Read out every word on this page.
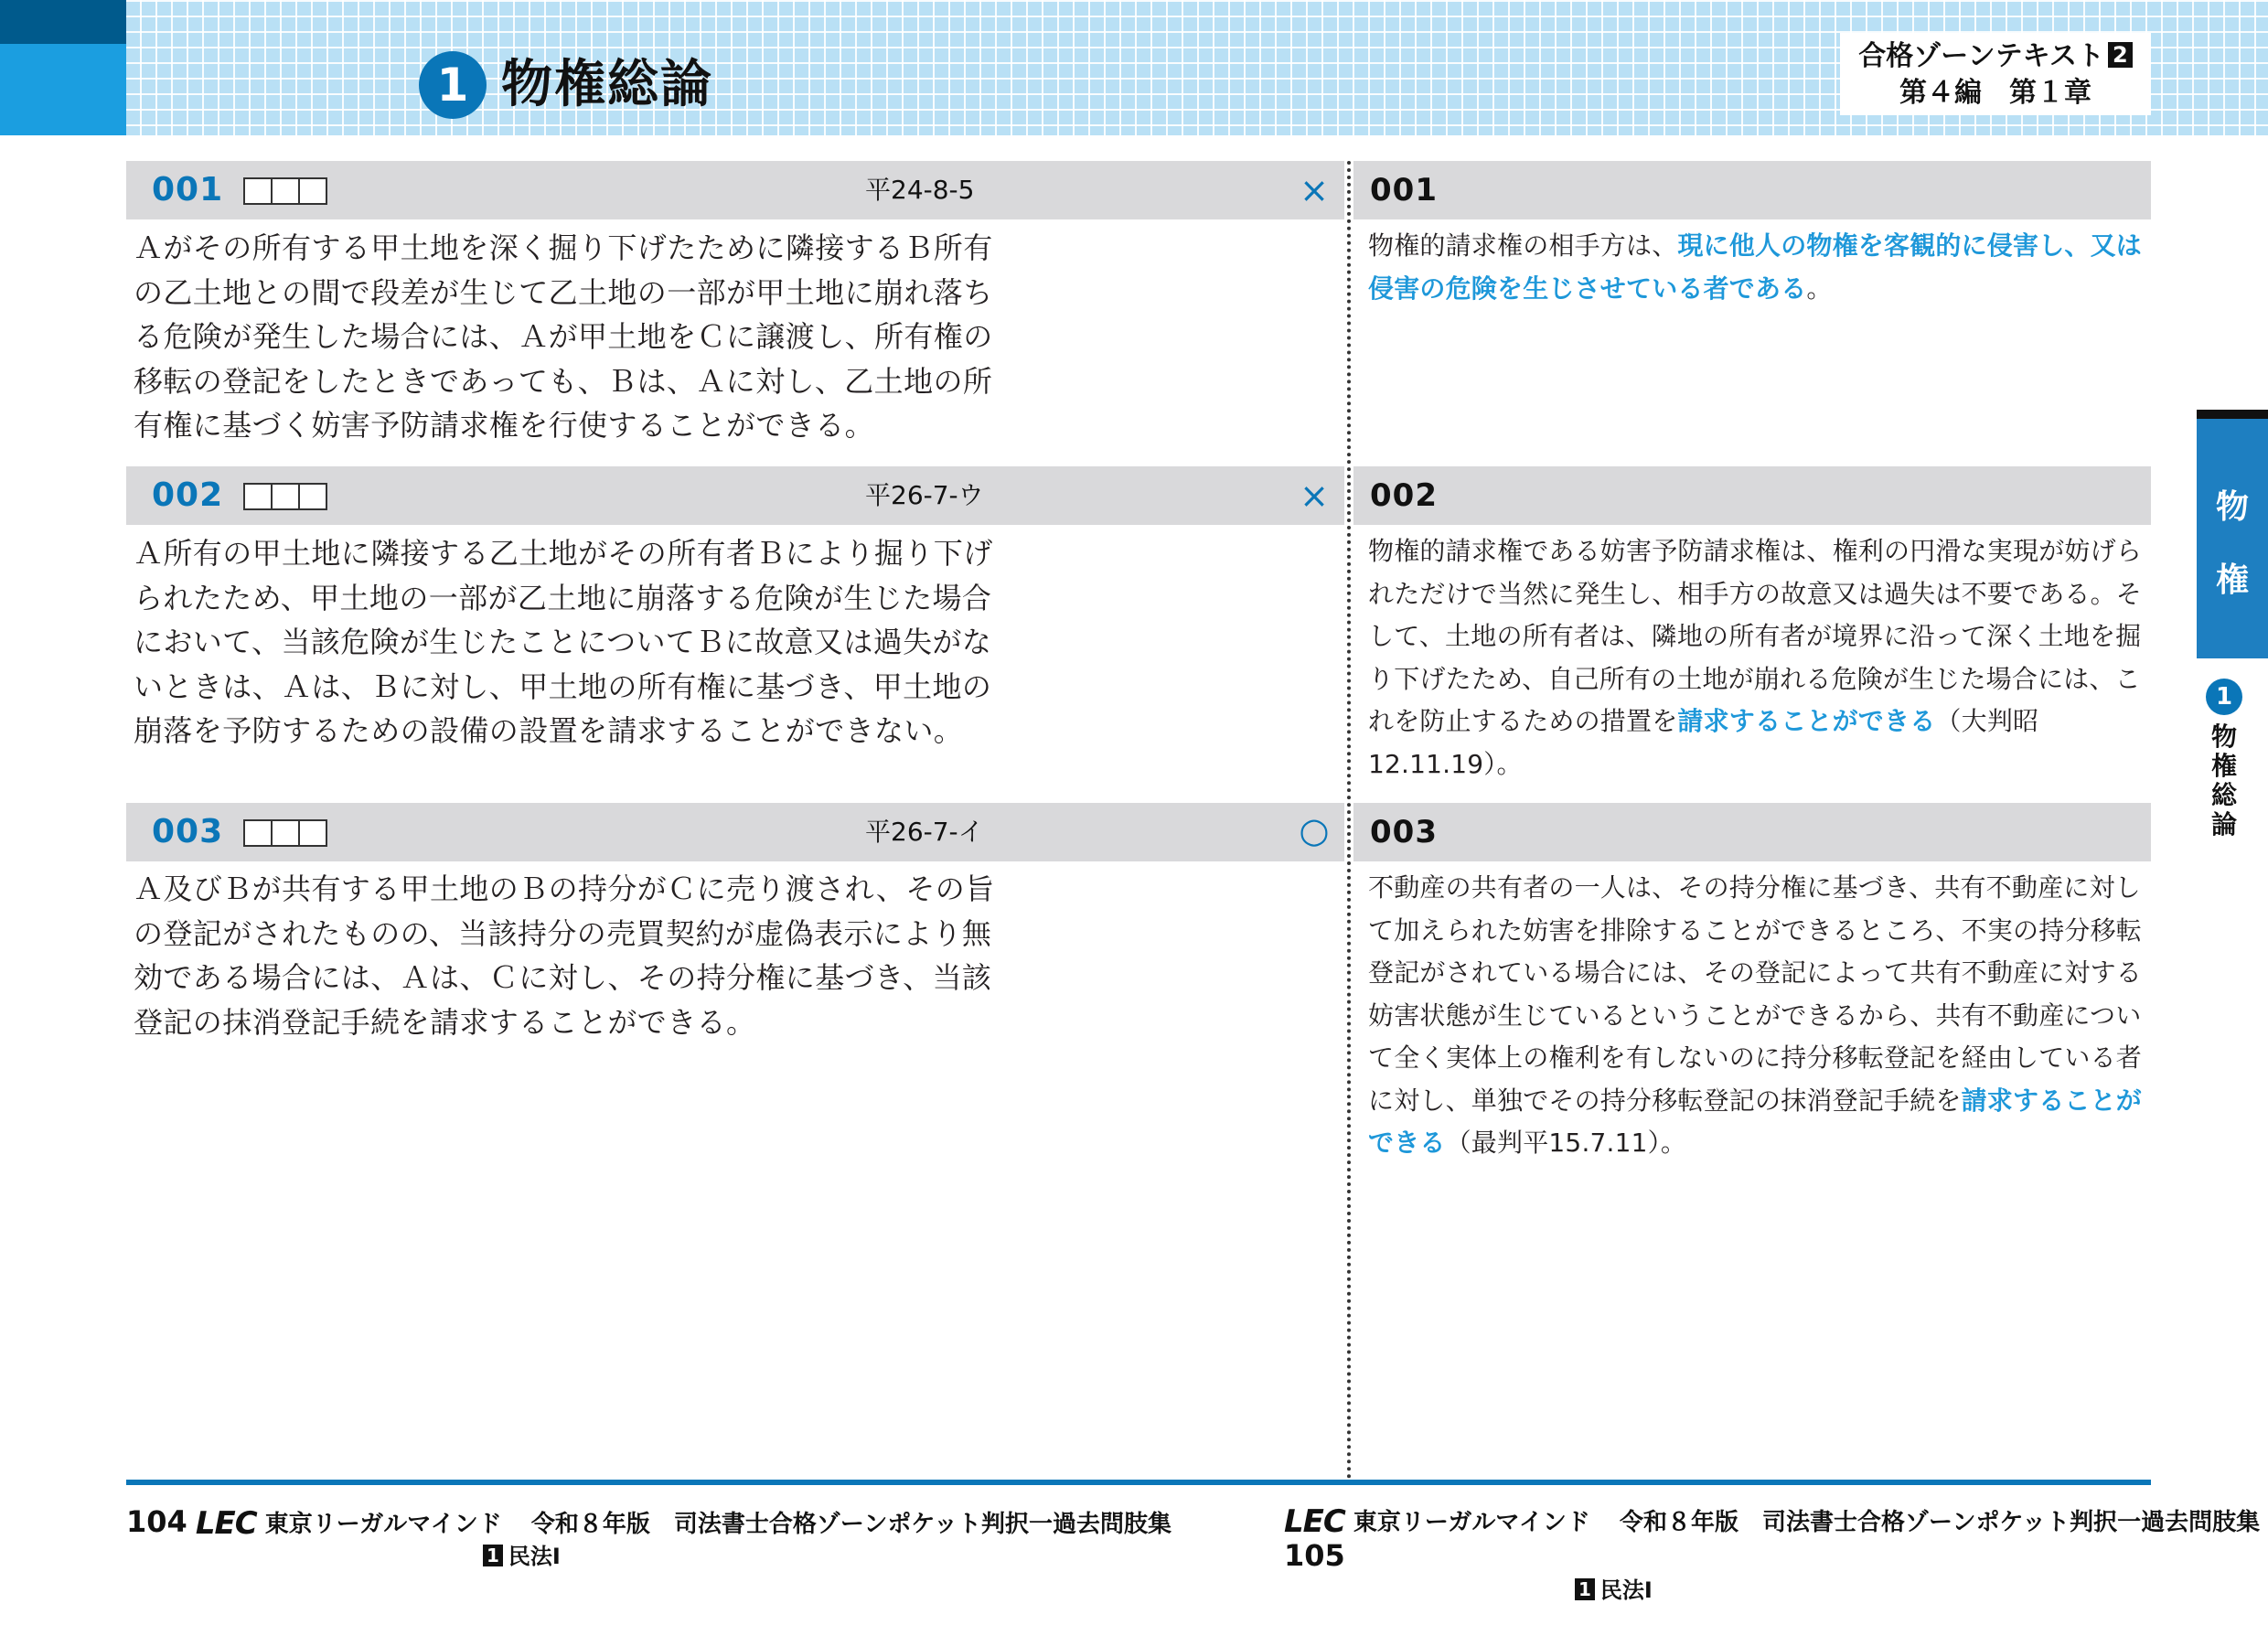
1 物権総論	合格ゾーンテキスト 2
第４編　第１章
物
権
1
物
権
総
論
001	平24-8-5	× 001

Ａがその所有する甲土地を深く掘り下げたために隣接するＢ所有の乙土地との間で段差が生じて乙土地の一部が甲土地に崩れ落ちる危険が発生した場合には、Ａが甲土地をＣに譲渡し、所有権の移転の登記をしたときであっても、Ｂは、Ａに対し、乙土地の所有権に基づく妨害予防請求権を行使することができる。

物権的請求権の相手方は、現に他人の物権を客観的に侵害し、又は侵害の危険を生じさせている者である。

002	平26-7-ウ	× 002

Ａ所有の甲土地に隣接する乙土地がその所有者Ｂにより掘り下げられたため、甲土地の一部が乙土地に崩落する危険が生じた場合において、当該危険が生じたことについてＢに故意又は過失がないときは、Ａは、Ｂに対し、甲土地の所有権に基づき、甲土地の崩落を予防するための設備の設置を請求することができない。

物権的請求権である妨害予防請求権は、権利の円滑な実現が妨げられただけで当然に発生し、相手方の故意又は過失は不要である。そして、土地の所有者は、隣地の所有者が境界に沿って深く土地を掘り下げたため、自己所有の土地が崩れる危険が生じた場合には、これを防止するための措置を請求することができる（大判昭12.11.19）。

003	平26-7-イ	○ 003

Ａ及びＢが共有する甲土地のＢの持分がＣに売り渡され、その旨の登記がされたものの、当該持分の売買契約が虚偽表示により無効である場合には、Ａは、Ｃに対し、その持分権に基づき、当該登記の抹消登記手続を請求することができる。

不動産の共有者の一人は、その持分権に基づき、共有不動産に対して加えられた妨害を排除することができるところ、不実の持分移転登記がされている場合には、その登記によって共有不動産に対する妨害状態が生じているということができるから、共有不動産について全く実体上の権利を有しないのに持分移転登記を経由している者に対し、単独でその持分移転登記の抹消登記手続を請求することができる（最判平15.7.11）。

104 LEC 東京リーガルマインド 令和８年版　司法書士合格ゾーンポケット判択一過去問肢集
1 民法Ⅰ
LEC 東京リーガルマインド 令和８年版　司法書士合格ゾーンポケット判択一過去問肢集 105
1 民法Ⅰ
